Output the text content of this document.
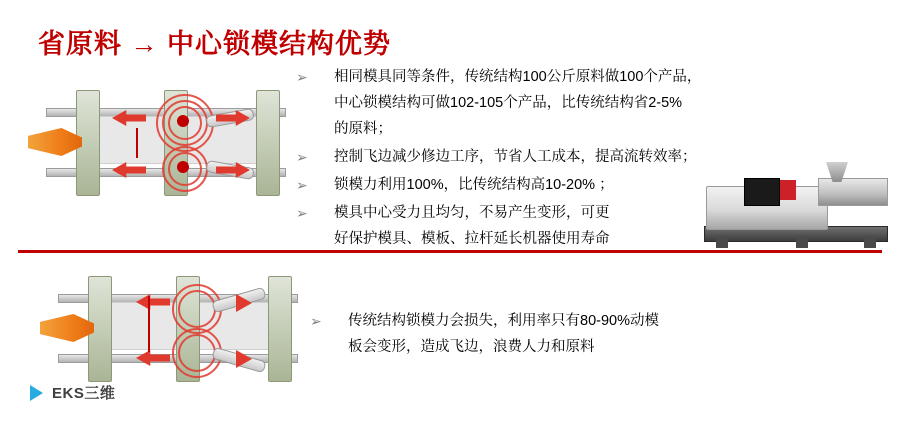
省原料 → 中心锁模结构优势
➢	相同模具同等条件，传统结构100公斤原料做100个产品，
中心锁模结构可做102-105个产品，比传统结构省2-5%
的原料；
➢	控制飞边减少修边工序，节省人工成本，提高流转效率；
➢	锁模力利用100%，比传统结构高10-20% ；
➢	模具中心受力且均匀，不易产生变形，可更
好保护模具、模板、拉杆延长机器使用寿命
➢	传统结构锁模力会损失，利用率只有80-90%动模
板会变形，造成飞边，浪费人力和原料
EKS三维
